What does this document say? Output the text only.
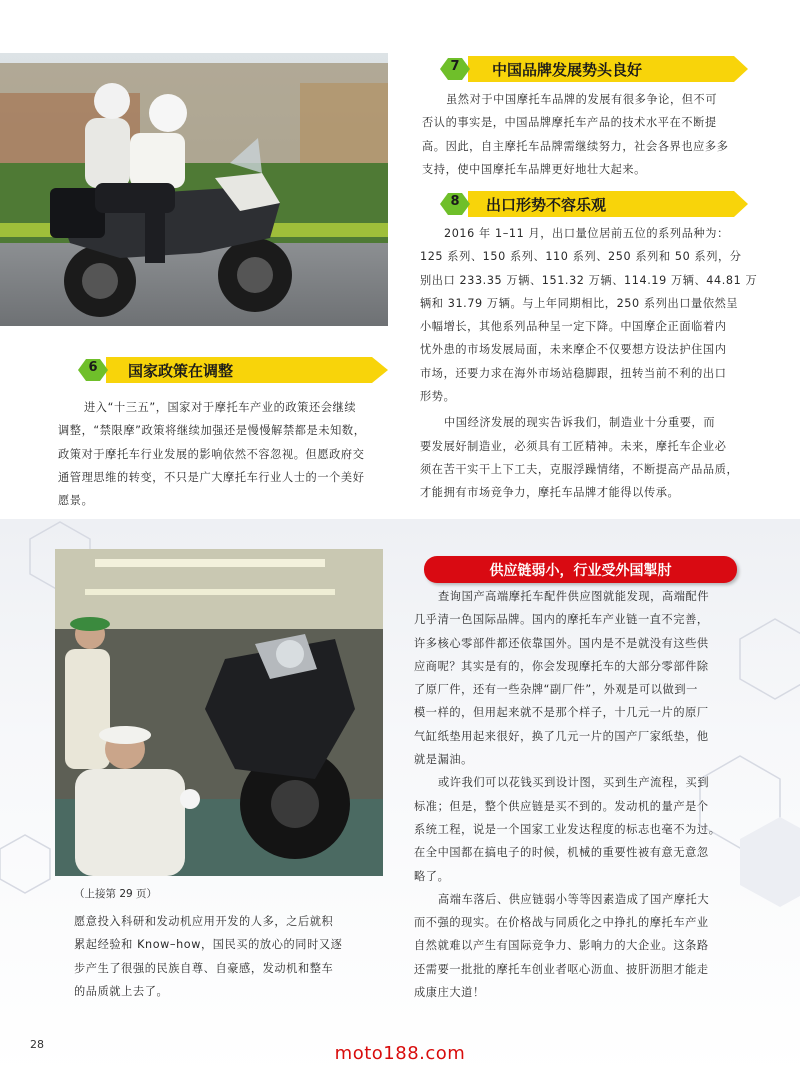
7	中国品牌发展势头良好
虽然对于中国摩托车品牌的发展有很多争论，但不可
否认的事实是，中国品牌摩托车产品的技术水平在不断提
高。因此，自主摩托车品牌需继续努力，社会各界也应多多
支持，使中国摩托车品牌更好地壮大起来。
8	出口形势不容乐观
2016 年 1–11 月，出口量位居前五位的系列品种为：
125 系列、150 系列、110 系列、250 系列和 50 系列，分
别出口 233.35 万辆、151.32 万辆、114.19 万辆、44.81 万
辆和 31.79 万辆。与上年同期相比，250 系列出口量依然呈
小幅增长，其他系列品种呈一定下降。中国摩企正面临着内
忧外患的市场发展局面，未来摩企不仅要想方设法护住国内
市场，还要力求在海外市场站稳脚跟，扭转当前不利的出口
形势。
中国经济发展的现实告诉我们，制造业十分重要，而
要发展好制造业，必须具有工匠精神。未来，摩托车企业必
须在苦干实干上下工夫，克服浮躁情绪，不断提高产品品质，
才能拥有市场竞争力，摩托车品牌才能得以传承。
6	国家政策在调整
进入“十三五”，国家对于摩托车产业的政策还会继续
调整，“禁限摩”政策将继续加强还是慢慢解禁都是未知数，
政策对于摩托车行业发展的影响依然不容忽视。但愿政府交
通管理思维的转变，不只是广大摩托车行业人士的一个美好
愿景。
供应链弱小，行业受外国掣肘
查询国产高端摩托车配件供应图就能发现，高端配件
几乎清一色国际品牌。国内的摩托车产业链一直不完善，
许多核心零部件都还依靠国外。国内是不是就没有这些供
应商呢？其实是有的，你会发现摩托车的大部分零部件除
了原厂件，还有一些杂牌“副厂件”，外观是可以做到一
模一样的，但用起来就不是那个样子，十几元一片的原厂
气缸纸垫用起来很好，换了几元一片的国产厂家纸垫，他
就是漏油。
或许我们可以花钱买到设计图，买到生产流程，买到
标准；但是，整个供应链是买不到的。发动机的量产是个
系统工程，说是一个国家工业发达程度的标志也毫不为过。
在全中国都在搞电子的时候，机械的重要性被有意无意忽
略了。
高端车落后、供应链弱小等等因素造成了国产摩托大
而不强的现实。在价格战与同质化之中挣扎的摩托车产业
自然就难以产生有国际竞争力、影响力的大企业。这条路
还需要一批批的摩托车创业者呕心沥血、披肝沥胆才能走
成康庄大道！
（上接第 29 页）
愿意投入科研和发动机应用开发的人多，之后就积
累起经验和 Know–how，国民买的放心的同时又逐
步产生了很强的民族自尊、自豪感，发动机和整车
的品质就上去了。
28	moto188.com
